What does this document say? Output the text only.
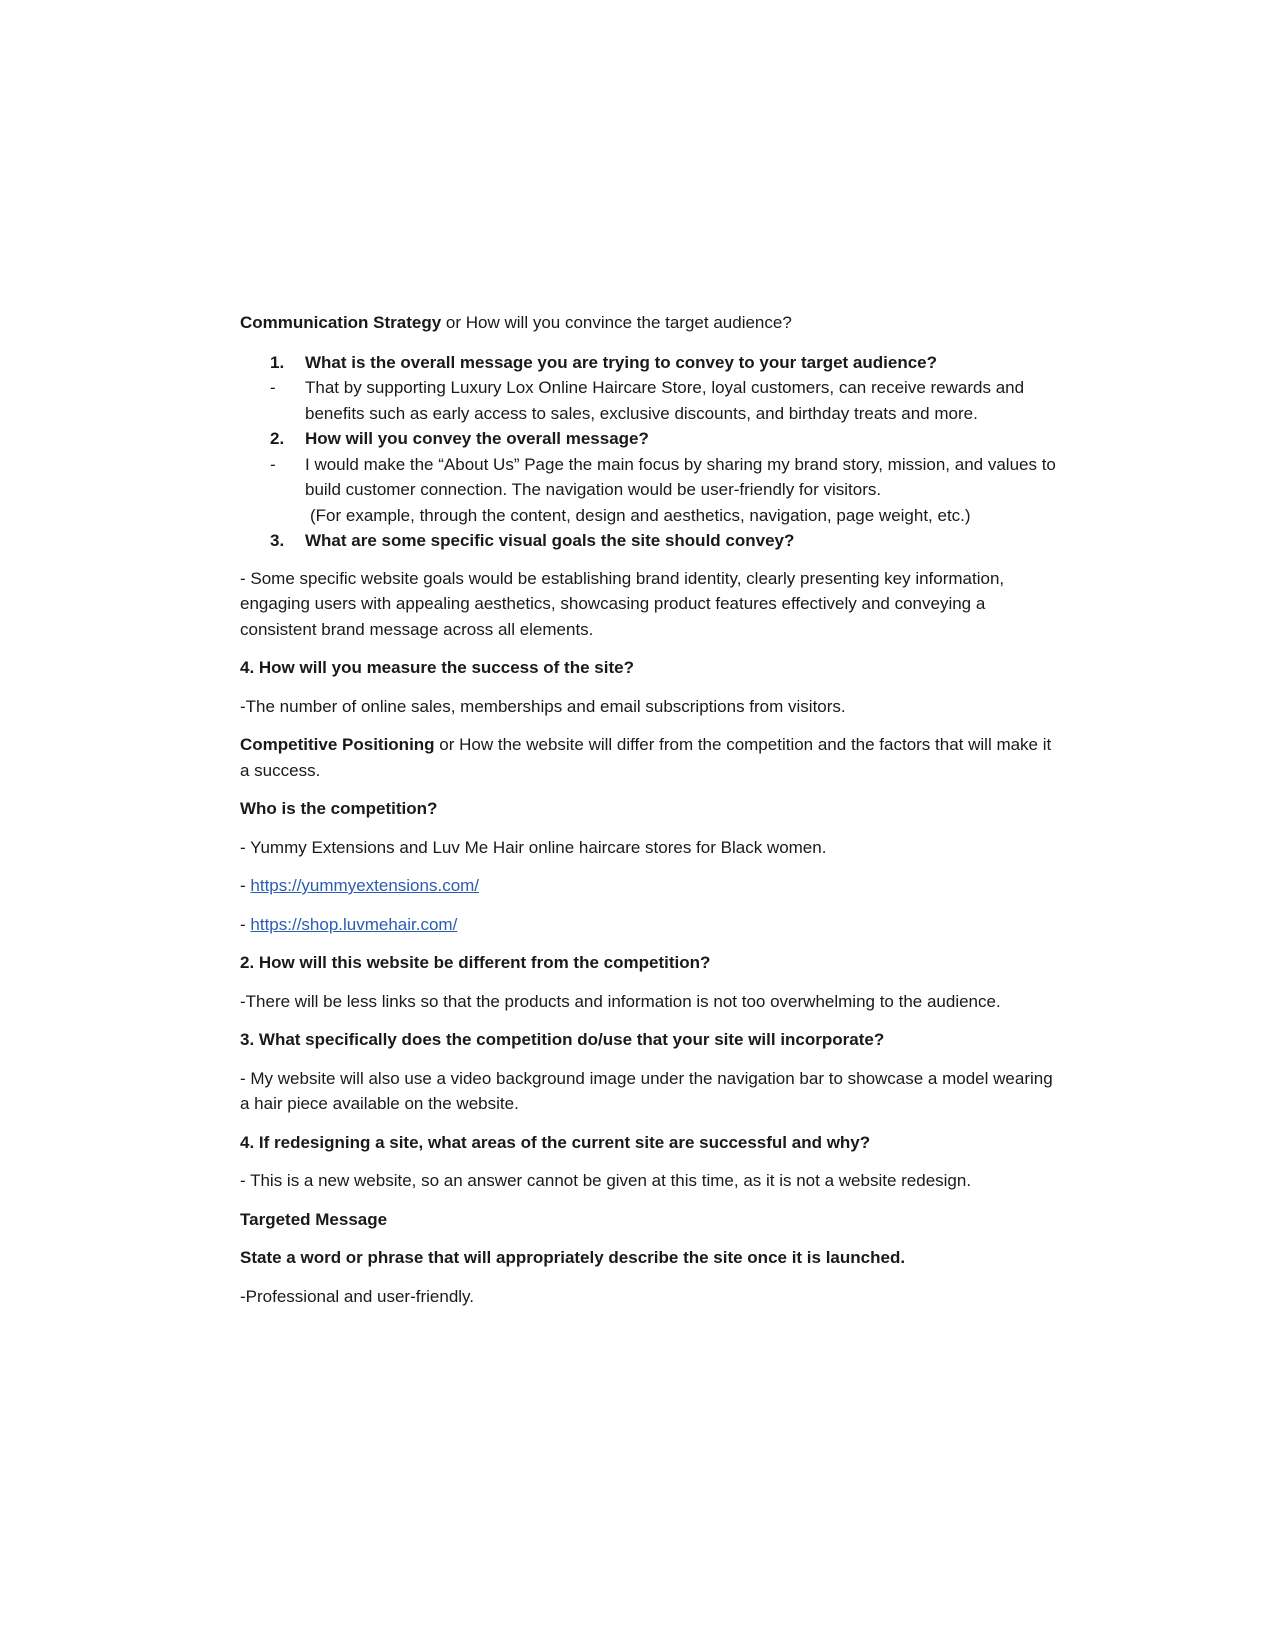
Communication Strategy or How will you convince the target audience?

1. What is the overall message you are trying to convey to your target audience?
- That by supporting Luxury Lox Online Haircare Store, loyal customers, can receive rewards and benefits such as early access to sales, exclusive discounts, and birthday treats and more.
2. How will you convey the overall message?
- I would make the “About Us” Page the main focus by sharing my brand story, mission, and values to build customer connection. The navigation would be user-friendly for visitors.
(For example, through the content, design and aesthetics, navigation, page weight, etc.)
3. What are some specific visual goals the site should convey?

- Some specific website goals would be establishing brand identity, clearly presenting key information, engaging users with appealing aesthetics, showcasing product features effectively and conveying a consistent brand message across all elements.

4. How will you measure the success of the site?

-The number of online sales, memberships and email subscriptions from visitors.

Competitive Positioning or How the website will differ from the competition and the factors that will make it a success.

Who is the competition?

- Yummy Extensions and Luv Me Hair online haircare stores for Black women.

- https://yummyextensions.com/

- https://shop.luvmehair.com/

2. How will this website be different from the competition?

-There will be less links so that the products and information is not too overwhelming to the audience.

3. What specifically does the competition do/use that your site will incorporate?

- My website will also use a video background image under the navigation bar to showcase a model wearing a hair piece available on the website.

4. If redesigning a site, what areas of the current site are successful and why?

- This is a new website, so an answer cannot be given at this time, as it is not a website redesign.

Targeted Message

State a word or phrase that will appropriately describe the site once it is launched.

-Professional and user-friendly.
